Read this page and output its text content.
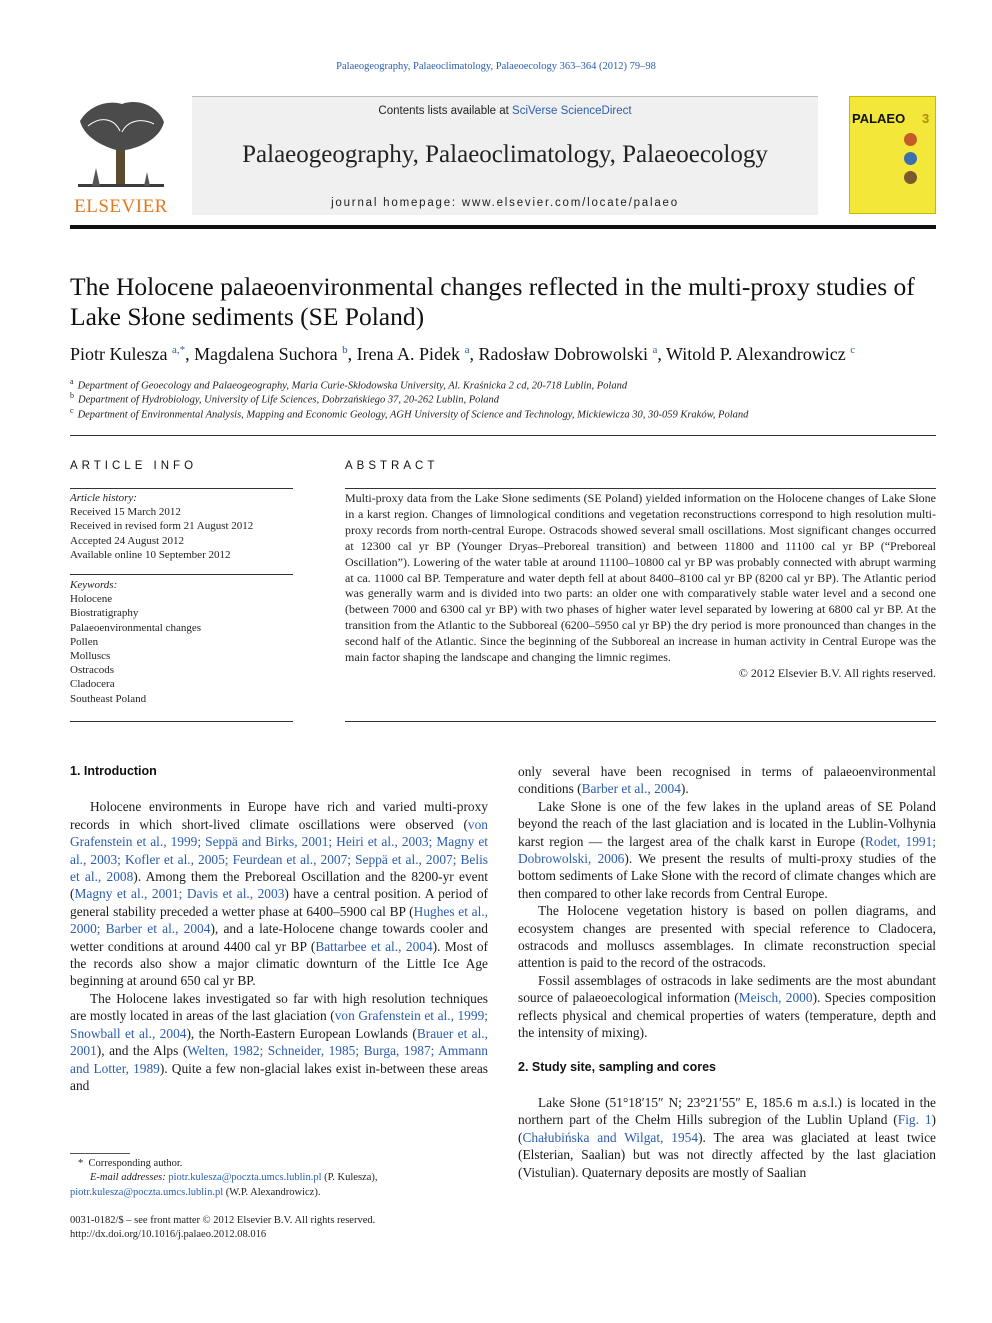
Palaeogeography, Palaeoclimatology, Palaeoecology 363–364 (2012) 79–98
ELSEVIER
Contents lists available at SciVerse ScienceDirect
Palaeogeography, Palaeoclimatology, Palaeoecology
journal homepage: www.elsevier.com/locate/palaeo
PALAEO 3
The Holocene palaeoenvironmental changes reflected in the multi-proxy studies of Lake Słone sediments (SE Poland)
Piotr Kulesza $^{a,*}$, Magdalena Suchora $^b$, Irena A. Pidek $^a$, Radosław Dobrowolski $^a$, Witold P. Alexandrowicz $^c$
$^a$ Department of Geoecology and Palaeogeography, Maria Curie-Skłodowska University, Al. Kraśnicka 2 cd, 20-718 Lublin, Poland
$^b$ Department of Hydrobiology, University of Life Sciences, Dobrzańskiego 37, 20-262 Lublin, Poland
$^c$ Department of Environmental Analysis, Mapping and Economic Geology, AGH University of Science and Technology, Mickiewicza 30, 30-059 Kraków, Poland
ARTICLE INFO
Article history:
Received 15 March 2012
Received in revised form 21 August 2012
Accepted 24 August 2012
Available online 10 September 2012
Keywords:
Holocene
Biostratigraphy
Palaeoenvironmental changes
Pollen
Molluscs
Ostracods
Cladocera
Southeast Poland
ABSTRACT
Multi-proxy data from the Lake Słone sediments (SE Poland) yielded information on the Holocene changes of Lake Słone in a karst region. Changes of limnological conditions and vegetation reconstructions correspond to high resolution multi-proxy records from north-central Europe. Ostracods showed several small oscillations. Most significant changes occurred at 12300 cal yr BP (Younger Dryas–Preboreal transition) and between 11800 and 11100 cal yr BP (“Preboreal Oscillation”). Lowering of the water table at around 11100–10800 cal yr BP was probably connected with abrupt warming at ca. 11000 cal BP. Temperature and water depth fell at about 8400–8100 cal yr BP (8200 cal yr BP). The Atlantic period was generally warm and is divided into two parts: an older one with comparatively stable water level and a second one (between 7000 and 6300 cal yr BP) with two phases of higher water level separated by lowering at 6800 cal yr BP. At the transition from the Atlantic to the Subboreal (6200–5950 cal yr BP) the dry period is more pronounced than changes in the second half of the Atlantic. Since the beginning of the Subboreal an increase in human activity in Central Europe was the main factor shaping the landscape and changing the limnic regimes.
© 2012 Elsevier B.V. All rights reserved.

1. Introduction

Holocene environments in Europe have rich and varied multi-proxy records in which short-lived climate oscillations were observed (von Grafenstein et al., 1999; Seppä and Birks, 2001; Heiri et al., 2003; Magny et al., 2003; Kofler et al., 2005; Feurdean et al., 2007; Seppä et al., 2007; Belis et al., 2008). Among them the Preboreal Oscillation and the 8200-yr event (Magny et al., 2001; Davis et al., 2003) have a central position. A period of general stability preceded a wetter phase at 6400–5900 cal BP (Hughes et al., 2000; Barber et al., 2004), and a late-Holocene change towards cooler and wetter conditions at around 4400 cal yr BP (Battarbee et al., 2004). Most of the records also show a major climatic downturn of the Little Ice Age beginning at around 650 cal yr BP.

The Holocene lakes investigated so far with high resolution techniques are mostly located in areas of the last glaciation (von Grafenstein et al., 1999; Snowball et al., 2004), the North-Eastern European Lowlands (Brauer et al., 2001), and the Alps (Welten, 1982; Schneider, 1985; Burga, 1987; Ammann and Lotter, 1989). Quite a few non-glacial lakes exist in-between these areas and

only several have been recognised in terms of palaeoenvironmental conditions (Barber et al., 2004).

Lake Słone is one of the few lakes in the upland areas of SE Poland beyond the reach of the last glaciation and is located in the Lublin-Volhynia karst region — the largest area of the chalk karst in Europe (Rodet, 1991; Dobrowolski, 2006). We present the results of multi-proxy studies of the bottom sediments of Lake Słone with the record of climate changes which are then compared to other lake records from Central Europe.

The Holocene vegetation history is based on pollen diagrams, and ecosystem changes are presented with special reference to Cladocera, ostracods and molluscs assemblages. In climate reconstruction special attention is paid to the record of the ostracods.

Fossil assemblages of ostracods in lake sediments are the most abundant source of palaeoecological information (Meisch, 2000). Species composition reflects physical and chemical properties of waters (temperature, depth and the intensity of mixing).

2. Study site, sampling and cores

Lake Słone (51°18′15″ N; 23°21′55″ E, 185.6 m a.s.l.) is located in the northern part of the Chełm Hills subregion of the Lublin Upland (Fig. 1) (Chałubińska and Wilgat, 1954). The area was glaciated at least twice (Elsterian, Saalian) but was not directly affected by the last glaciation (Vistulian). Quaternary deposits are mostly of Saalian

* Corresponding author.
E-mail addresses: piotr.kulesza@poczta.umcs.lublin.pl (P. Kulesza),
piotr.kulesza@poczta.umcs.lublin.pl (W.P. Alexandrowicz).
0031-0182/$ – see front matter © 2012 Elsevier B.V. All rights reserved.
http://dx.doi.org/10.1016/j.palaeo.2012.08.016
